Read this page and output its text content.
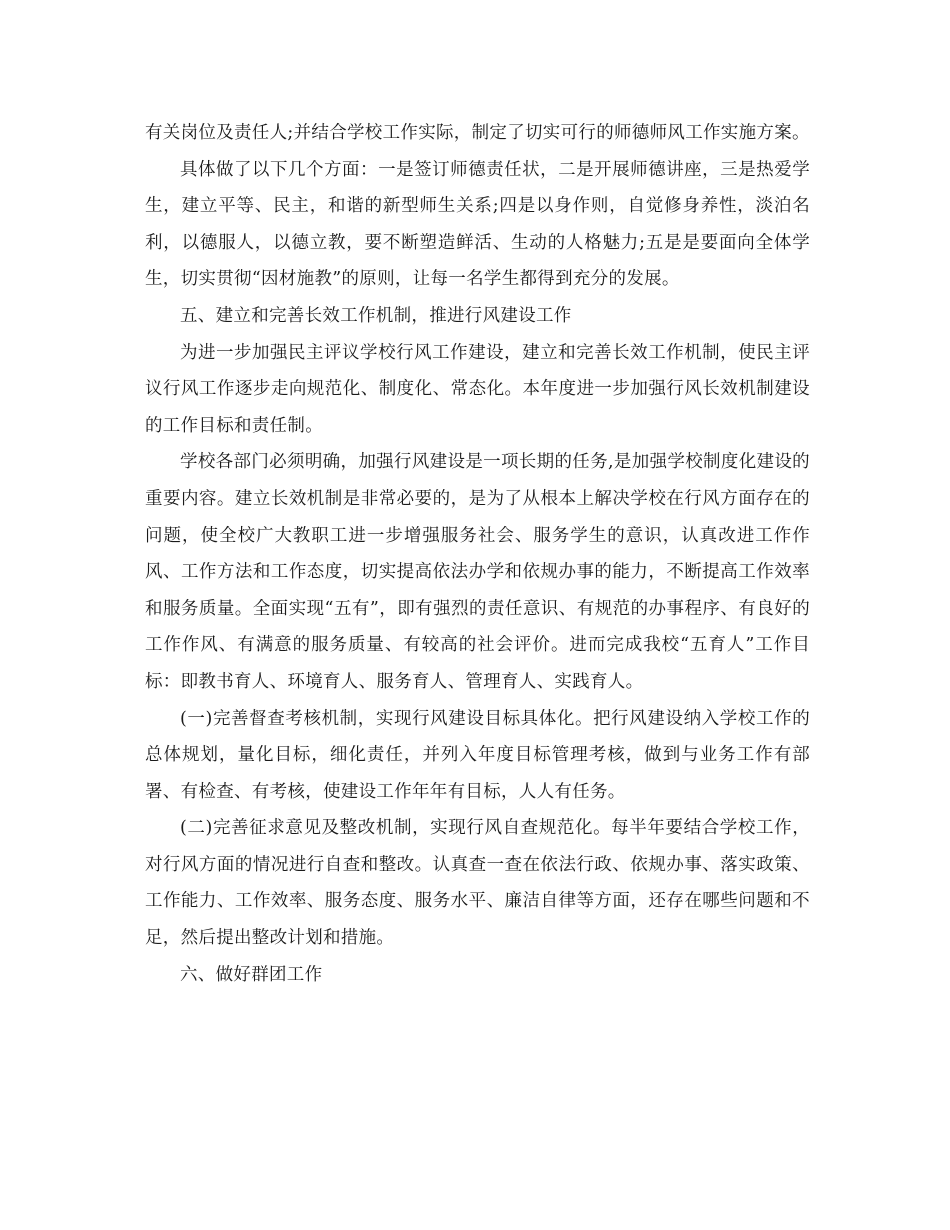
有关岗位及责任人;并结合学校工作实际，制定了切实可行的师德师风工作实施方案。

具体做了以下几个方面：一是签订师德责任状，二是开展师德讲座，三是热爱学生，建立平等、民主，和谐的新型师生关系;四是以身作则，自觉修身养性，淡泊名利，以德服人，以德立教，要不断塑造鲜活、生动的人格魅力;五是是要面向全体学生，切实贯彻“因材施教”的原则，让每一名学生都得到充分的发展。

五、建立和完善长效工作机制，推进行风建设工作

为进一步加强民主评议学校行风工作建设，建立和完善长效工作机制，使民主评议行风工作逐步走向规范化、制度化、常态化。本年度进一步加强行风长效机制建设的工作目标和责任制。

学校各部门必须明确，加强行风建设是一项长期的任务,是加强学校制度化建设的重要内容。建立长效机制是非常必要的，是为了从根本上解决学校在行风方面存在的问题，使全校广大教职工进一步增强服务社会、服务学生的意识，认真改进工作作风、工作方法和工作态度，切实提高依法办学和依规办事的能力，不断提高工作效率和服务质量。全面实现“五有”，即有强烈的责任意识、有规范的办事程序、有良好的工作作风、有满意的服务质量、有较高的社会评价。进而完成我校“五育人”工作目标：即教书育人、环境育人、服务育人、管理育人、实践育人。

(一)完善督查考核机制，实现行风建设目标具体化。把行风建设纳入学校工作的总体规划，量化目标，细化责任，并列入年度目标管理考核，做到与业务工作有部署、有检查、有考核，使建设工作年年有目标，人人有任务。

(二)完善征求意见及整改机制，实现行风自查规范化。每半年要结合学校工作，对行风方面的情况进行自查和整改。认真查一查在依法行政、依规办事、落实政策、工作能力、工作效率、服务态度、服务水平、廉洁自律等方面，还存在哪些问题和不足，然后提出整改计划和措施。

六、做好群团工作
